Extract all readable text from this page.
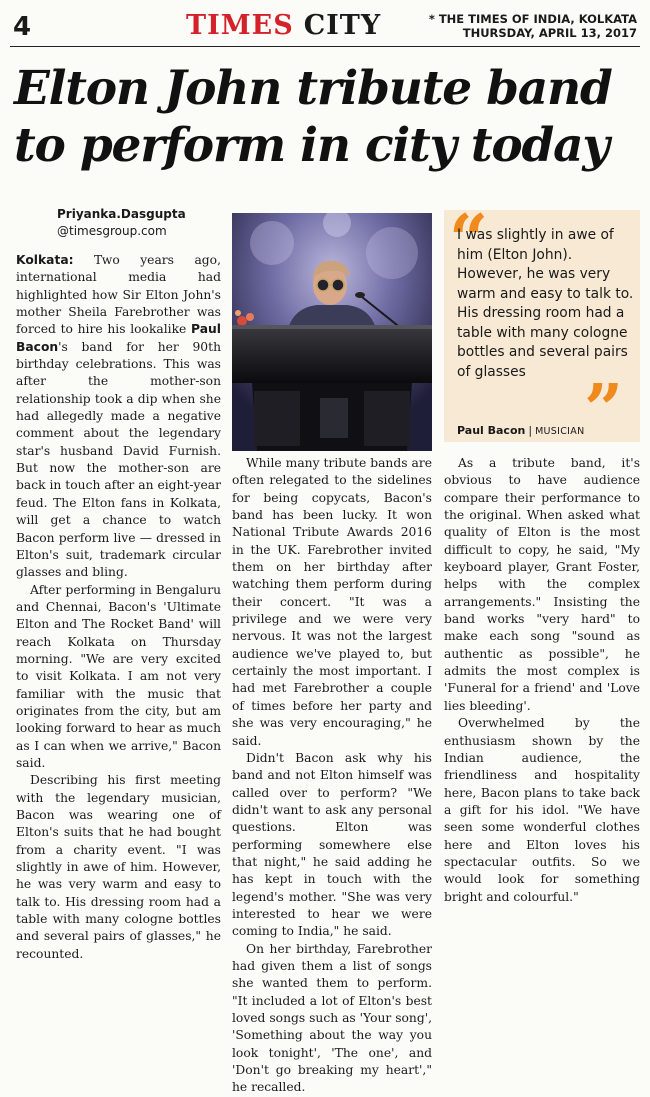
4	TIMES CITY	* THE TIMES OF INDIA, KOLKATA
THURSDAY, APRIL 13, 2017
Elton John tribute band
to perform in city today
Priyanka.Dasgupta
@timesgroup.com	“
”
I was slightly in awe of him (Elton John). However, he was very warm and easy to talk to. His dressing room had a table with many cologne bottles and several pairs of glasses
Paul Bacon | MUSICIAN

Kolkata: Two years ago, international media had highlighted how Sir Elton John's mother Sheila Farebrother was forced to hire his lookalike Paul Bacon's band for her 90th birthday celebrations. This was after the mother-son relationship took a dip when she had allegedly made a negative comment about the legendary star's husband David Furnish. But now the mother-son are back in touch after an eight-year feud. The Elton fans in Kolkata, will get a chance to watch Bacon perform live — dressed in Elton's suit, trademark circular glasses and bling.

After performing in Bengaluru and Chennai, Bacon's 'Ultimate Elton and The Rocket Band' will reach Kolkata on Thursday morning. "We are very excited to visit Kolkata. I am not very familiar with the music that originates from the city, but am looking forward to hear as much as I can when we arrive," Bacon said.

Describing his first meeting with the legendary musician, Bacon was wearing one of Elton's suits that he had bought from a charity event. "I was slightly in awe of him. However, he was very warm and easy to talk to. His dressing room had a table with many cologne bottles and several pairs of glasses," he recounted.

While many tribute bands are often relegated to the sidelines for being copycats, Bacon's band has been lucky. It won National Tribute Awards 2016 in the UK. Farebrother invited them on her birthday after watching them perform during their concert. "It was a privilege and we were very nervous. It was not the largest audience we've played to, but certainly the most important. I had met Farebrother a couple of times before her party and she was very encouraging," he said.

Didn't Bacon ask why his band and not Elton himself was called over to perform? "We didn't want to ask any personal questions. Elton was performing somewhere else that night," he said adding he has kept in touch with the legend's mother. "She was very interested to hear we were coming to India," he said.

On her birthday, Farebrother had given them a list of songs she wanted them to perform. "It included a lot of Elton's best loved songs such as 'Your song', 'Something about the way you look tonight', 'The one', and 'Don't go breaking my heart'," he recalled.

As a tribute band, it's obvious to have audience compare their performance to the original. When asked what quality of Elton is the most difficult to copy, he said, "My keyboard player, Grant Foster, helps with the complex arrangements." Insisting the band works "very hard" to make each song "sound as authentic as possible", he admits the most complex is 'Funeral for a friend' and 'Love lies bleeding'.

Overwhelmed by the enthusiasm shown by the Indian audience, the friendliness and hospitality here, Bacon plans to take back a gift for his idol. "We have seen some wonderful clothes here and Elton loves his spectacular outfits. So we would look for something bright and colourful."
